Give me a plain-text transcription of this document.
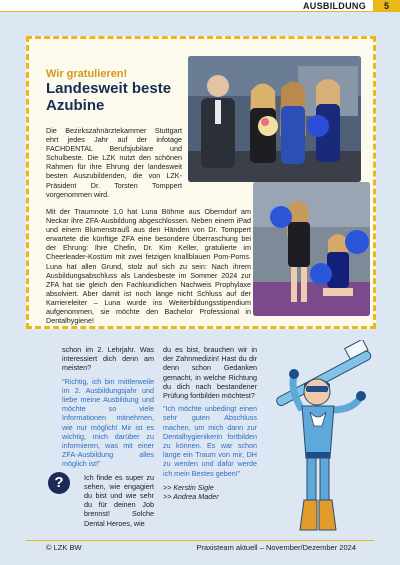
AUSBILDUNG	5
Wir gratulieren!
Landesweit beste Azubine
Die Bezirkszahnärztekammer Stuttgart ehrt jedes Jahr auf der infotage FACHDENTAL Berufsjubilare und Schulbeste. Die LZK nutzt den schönen Rahmen für ihre Ehrung der landesweit besten Auszubildenden, die von LZK-Präsident Dr. Torsten Tomppert vorgenommen wird.
Mit der Traumnote 1,0 hat Luna Böhme aus Oberndorf am Neckar ihre ZFA-Ausbildung abgeschlossen. Neben einem iPad und einem Blumenstrauß aus den Händen von Dr. Tomppert erwartete die künftige ZFA eine besondere Überraschung bei der Ehrung: Ihre Chefin, Dr. Kim Keller, gratulierte im Cheerleader-Kostüm mit zwei fetzigen knallblauen Pom-Poms. Luna hat allen Grund, stolz auf sich zu sein: Nach ihrem Ausbildungsabschluss als Landesbeste im Sommer 2024 zur ZFA hat sie gleich den Fachkundlichen Nachweis Prophylaxe absolviert. Aber damit ist noch lange nicht Schluss auf der Karriereleiter – Luna wurde ins Weiterbildungsstipendium aufgenommen, sie möchte den Bachelor Professional in Dentalhygiene!

schon im 2. Lehrjahr. Was interessiert dich denn am meisten?

"Richtig, ich bin mittlerweile im 2. Ausbildungsjahr und liebe meine Ausbildung und möchte so viele Informationen mitnehmen, wie nur möglich! Mir ist es wichtig, mich darüber zu informieren, was mit einer ZFA-Ausbildung alles möglich ist!"

Ich finde es super zu sehen, wie engagiert du bist und wie sehr du für deinen Job brennst! Solche Dental Heroes, wie

?

du es bist, brauchen wir in der Zahnmedizin! Hast du dir denn schon Gedanken gemacht, in welche Richtung du dich nach bestandener Prüfung fortbilden möchtest?

"Ich möchte unbedingt einen sehr guten Abschluss machen, um mich dann zur Dentalhygienikerin fortbilden zu können. Es war schon lange ein Traum von mir, DH zu werden und dafür werde ich mein Bestes geben!"

>> Kerstin Sigle

>> Andrea Mader

© LZK BW	Praxisteam aktuell – November/Dezember 2024
